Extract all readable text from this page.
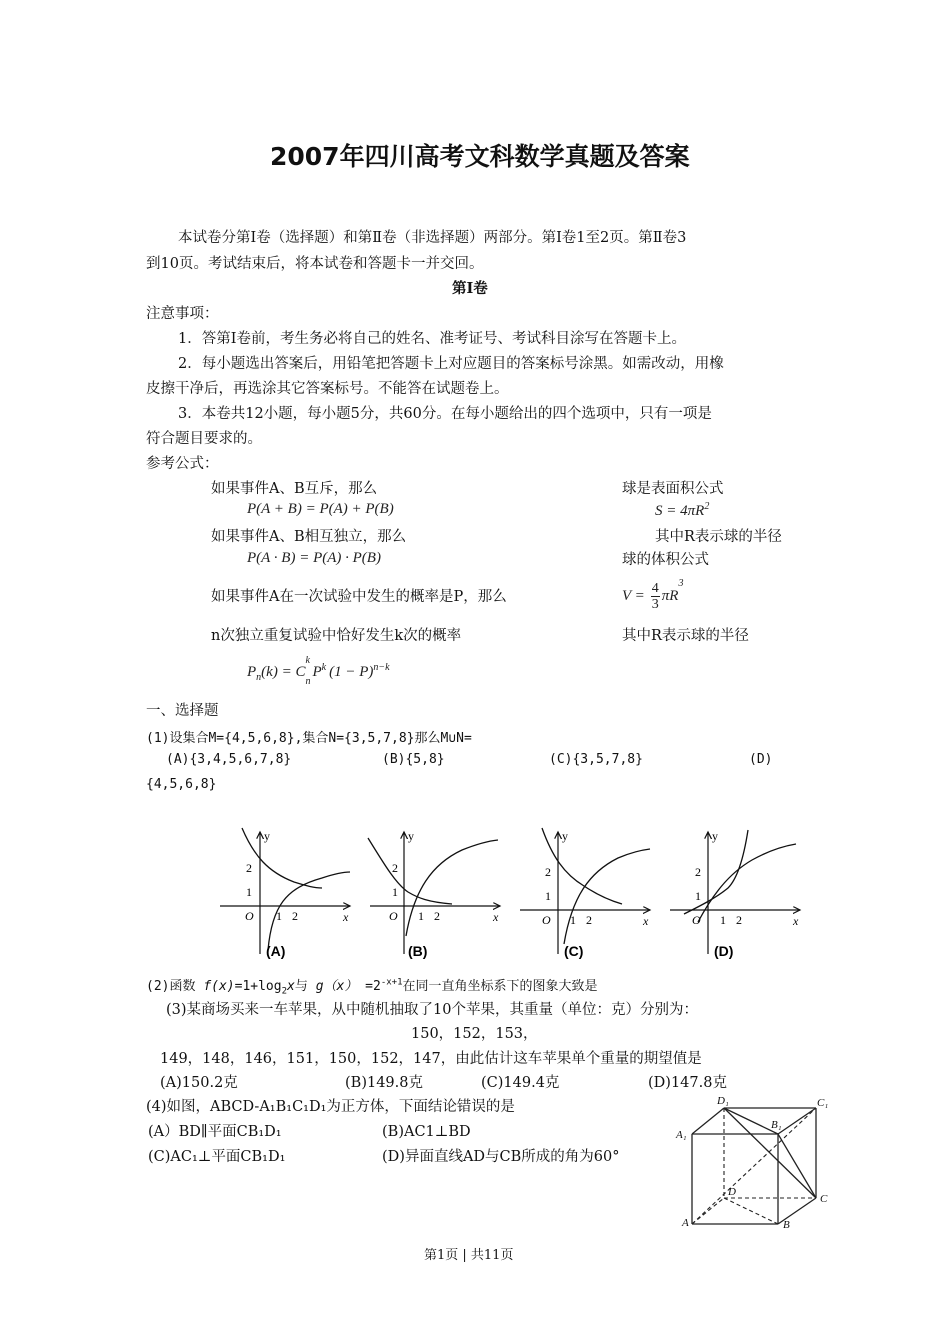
2007年四川高考文科数学真题及答案
本试卷分第Ⅰ卷（选择题）和第Ⅱ卷（非选择题）两部分。第Ⅰ卷1至2页。第Ⅱ卷3
到10页。考试结束后，将本试卷和答题卡一并交回。
第Ⅰ卷
注意事项：
1．答第Ⅰ卷前，考生务必将自己的姓名、准考证号、考试科目涂写在答题卡上。
2．每小题选出答案后，用铅笔把答题卡上对应题目的答案标号涂黑。如需改动，用橡
皮擦干净后，再选涂其它答案标号。不能答在试题卷上。
3．本卷共12小题，每小题5分，共60分。在每小题给出的四个选项中，只有一项是
符合题目要求的。
参考公式：
如果事件A、B互斥，那么
P(A + B) = P(A) + P(B)
如果事件A、B相互独立，那么
P(A · B) = P(A) · P(B)
如果事件A在一次试验中发生的概率是P，那么
n次独立重复试验中恰好发生k次的概率
$P_n(k) = C$
k
$_nP^k$ $(1 - P)^{n-k}$
球是表面积公式
$S = 4\pi R^2$
其中R表示球的半径
球的体积公式
$V = \frac{4}{3} \pi R^3$
其中R表示球的半径
一、选择题
(1)设集合M={4,5,6,8},集合N={3,5,7,8}那么M∪N=
(A){3,4,5,6,7,8}	(B){5,8}	(C){3,5,7,8}	(D)
{4,5,6,8}
y
x
O
1
2
1 2
(A)
y
x
O
1
2
1 2
(B)
y
x
O
1
2
1 2
(C)
y
x
O
1
2
1 2
(D)
(2)函数 $f(x)=1+\log_2x$与 $g(x) =2^{-x+1}$在同一直角坐标系下的图象大致是
(3)某商场买来一车苹果，从中随机抽取了10个苹果，其重量（单位：克）分别为：
150，152，153，
149，148，146，151，150，152，147，由此估计这车苹果单个重量的期望值是
(A)150.2克	(B)149.8克	(C)149.4克	(D)147.8克
(4)如图，ABCD-A₁B₁C₁D₁为正方体，下面结论错误的是
(A）BD∥平面CB₁D₁	(B)AC1⊥BD
(C)AC₁⊥平面CB₁D₁	(D)异面直线AD与CB所成的角为60°
D₁	C₁
A₁
B₁
D
C
A	B
第1页 | 共11页
